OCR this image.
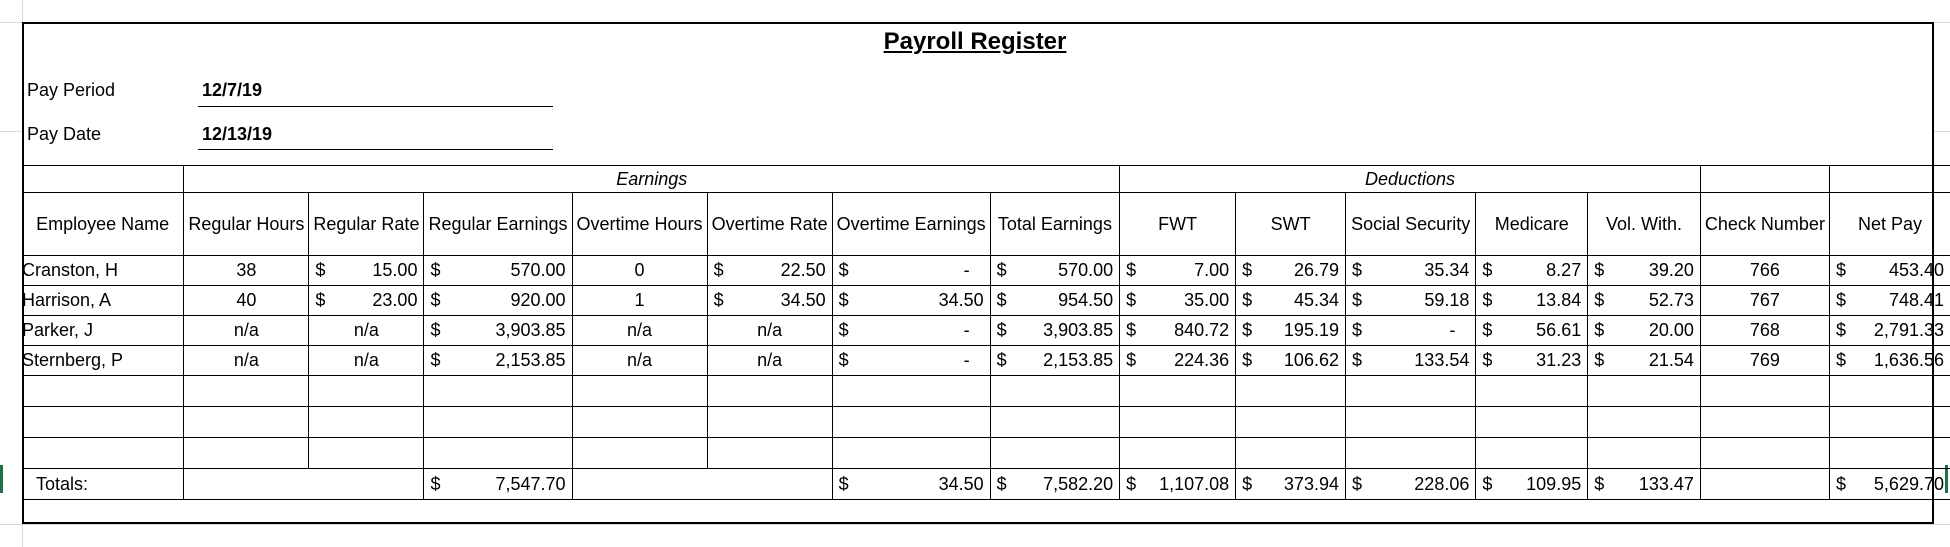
Payroll Register
Pay Period	12/7/19
Pay Date	12/13/19
	Earnings							Deductions						

Employee Name	Regular Hours	Regular Rate	Regular Earnings	Overtime Hours	Overtime Rate	Overtime Earnings	Total Earnings	FWT	SWT	Social Security	Medicare	Vol. With.	Check Number	Net Pay

Cranston, H	38	$ 15.00	$ 570.00	0	$ 22.50	$ -	$ 570.00	$ 7.00	$ 26.79	$ 35.34	$ 8.27	$ 39.20	766	$ 453.40

Harrison, A	40	$ 23.00	$ 920.00	1	$ 34.50	$ 34.50	$ 954.50	$ 35.00	$ 45.34	$ 59.18	$ 13.84	$ 52.73	767	$ 748.41

Parker, J	n/a	n/a	$ 3,903.85	n/a	n/a	$ -	$ 3,903.85	$ 840.72	$ 195.19	$ -	$ 56.61	$ 20.00	768	$ 2,791.33

Sternberg, P	n/a	n/a	$ 2,153.85	n/a	n/a	$ -	$ 2,153.85	$ 224.36	$ 106.62	$ 133.54	$ 31.23	$ 21.54	769	$ 1,636.56

Totals:			$ 7,547.70			$ 34.50	$ 7,582.20	$ 1,107.08	$ 373.94	$ 228.06	$ 109.95	$ 133.47		$ 5,629.70
